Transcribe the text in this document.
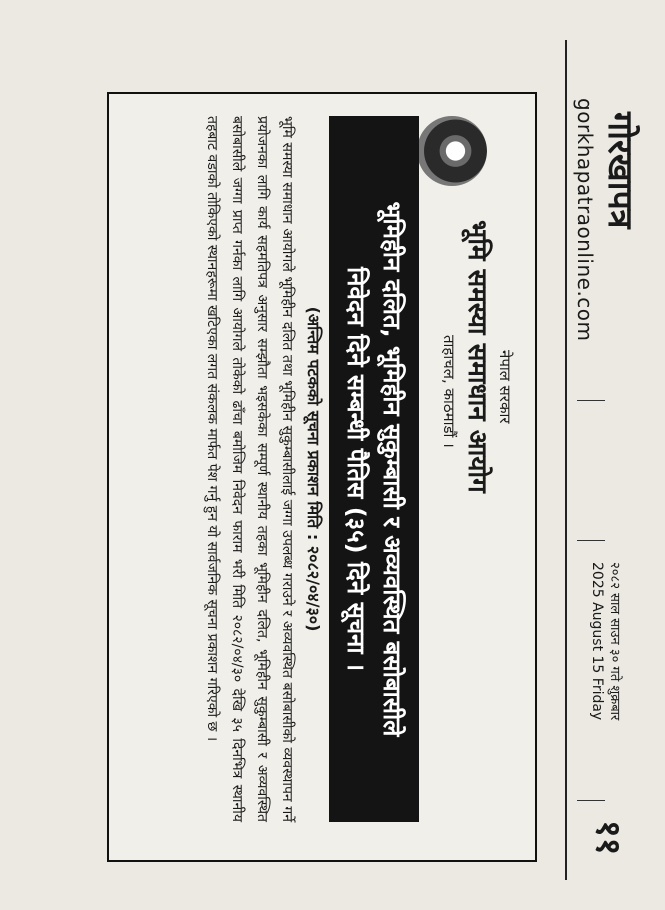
गोरखापत्र
gorkhapatraonline.com
२०८२ साल साउन ३० गते शुक्रबार
2025 August 15 Friday
११
नेपाल सरकार
भूमि समस्या समाधान आयोग
ताहाचल, काठमाडौं ।
भूमिहीन दलित, भूमिहीन सुकुम्बासी र अव्यवस्थित बसोबासीले
निवेदन दिने सम्बन्धी पैतिस (३५) दिने सूचना ।
(अन्तिम पटकको सूचना प्रकाशन मिति : २०८२/०४/३०)
भूमि समस्या समाधान आयोगले भूमिहीन दलित तथा भूमिहीन सुकुम्बासीलाई जग्गा उपलब्ध गराउने र अव्यवस्थित बसोबासीको व्यवस्थापन गर्ने प्रयोजनका लागि कार्य सहमतिपत्र अनुसार सम्झौता भइसकेका सम्पूर्ण स्थानीय तहका भूमिहीन दलित, भूमिहीन सुकुम्बासी र अव्यवस्थित बसोबासीले जग्गा प्राप्त गर्नका लागि आयोगले तोकेको ढाँचा बमोजिम निवेदन फाराम भरी मिति २०८२/०४/३० देखि ३५ दिनभित्र स्थानीय तहबाट वडाको तोकिएको स्थानहरूमा खटिएका लगत संकलक मार्फत पेश गर्नु हुन यो सार्वजनिक सूचना प्रकाशन गरिएको छ ।
